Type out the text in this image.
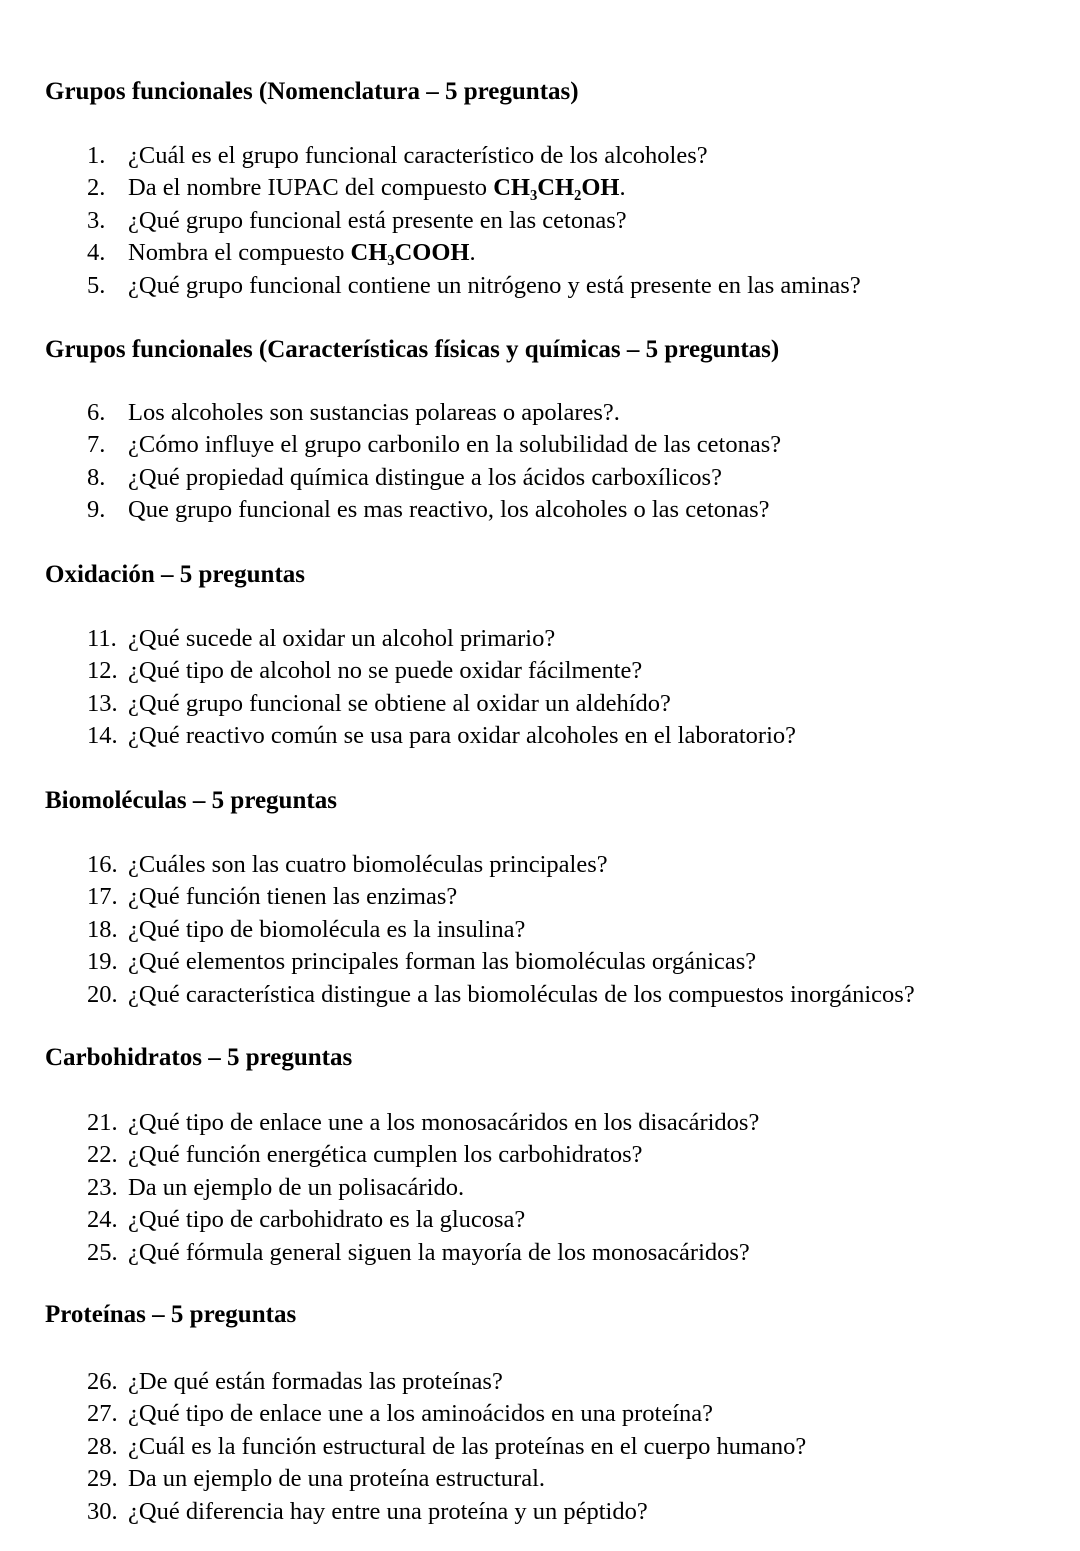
Grupos funcionales (Nomenclatura – 5 preguntas)
1. ¿Cuál es el grupo funcional característico de los alcoholes?
2. Da el nombre IUPAC del compuesto CH₃CH₂OH.
3. ¿Qué grupo funcional está presente en las cetonas?
4. Nombra el compuesto CH₃COOH.
5. ¿Qué grupo funcional contiene un nitrógeno y está presente en las aminas?
Grupos funcionales (Características físicas y químicas – 5 preguntas)
6. Los alcoholes son sustancias polareas o apolares?.
7. ¿Cómo influye el grupo carbonilo en la solubilidad de las cetonas?
8. ¿Qué propiedad química distingue a los ácidos carboxílicos?
9. Que grupo funcional es mas reactivo, los alcoholes o las cetonas?
Oxidación – 5 preguntas
11. ¿Qué sucede al oxidar un alcohol primario?
12. ¿Qué tipo de alcohol no se puede oxidar fácilmente?
13. ¿Qué grupo funcional se obtiene al oxidar un aldehído?
14. ¿Qué reactivo común se usa para oxidar alcoholes en el laboratorio?
Biomoléculas – 5 preguntas
16. ¿Cuáles son las cuatro biomoléculas principales?
17. ¿Qué función tienen las enzimas?
18. ¿Qué tipo de biomolécula es la insulina?
19. ¿Qué elementos principales forman las biomoléculas orgánicas?
20. ¿Qué característica distingue a las biomoléculas de los compuestos inorgánicos?
Carbohidratos – 5 preguntas
21. ¿Qué tipo de enlace une a los monosacáridos en los disacáridos?
22. ¿Qué función energética cumplen los carbohidratos?
23. Da un ejemplo de un polisacárido.
24. ¿Qué tipo de carbohidrato es la glucosa?
25. ¿Qué fórmula general siguen la mayoría de los monosacáridos?
Proteínas – 5 preguntas
26. ¿De qué están formadas las proteínas?
27. ¿Qué tipo de enlace une a los aminoácidos en una proteína?
28. ¿Cuál es la función estructural de las proteínas en el cuerpo humano?
29. Da un ejemplo de una proteína estructural.
30. ¿Qué diferencia hay entre una proteína y un péptido?
